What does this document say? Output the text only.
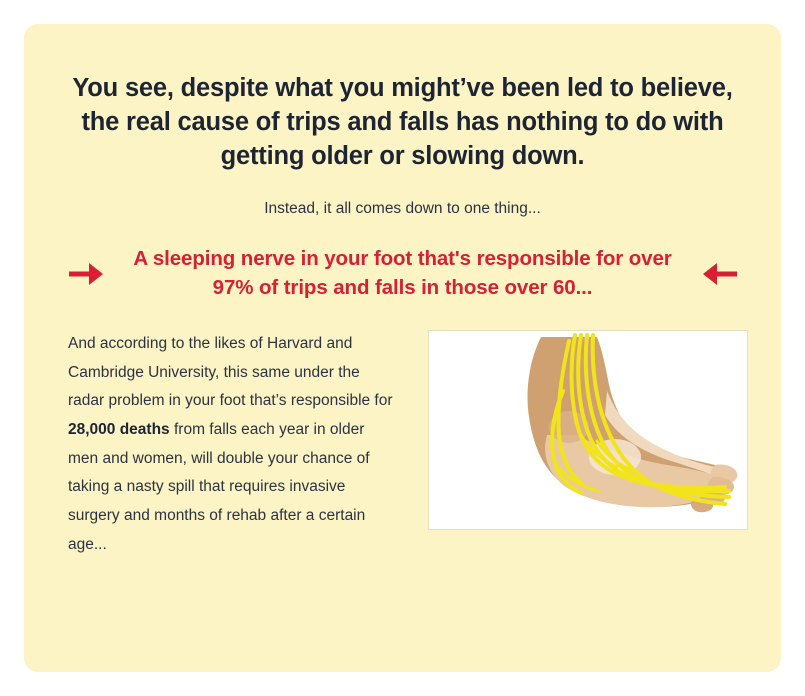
You see, despite what you might’ve been led to believe, the real cause of trips and falls has nothing to do with getting older or slowing down.

Instead, it all comes down to one thing...

A sleeping nerve in your foot that's responsible for over 97% of trips and falls in those over 60...
And according to the likes of Harvard and Cambridge University, this same under the radar problem in your foot that’s responsible for 28,000 deaths from falls each year in older men and women, will double your chance of taking a nasty spill that requires invasive surgery and months of rehab after a certain age...
